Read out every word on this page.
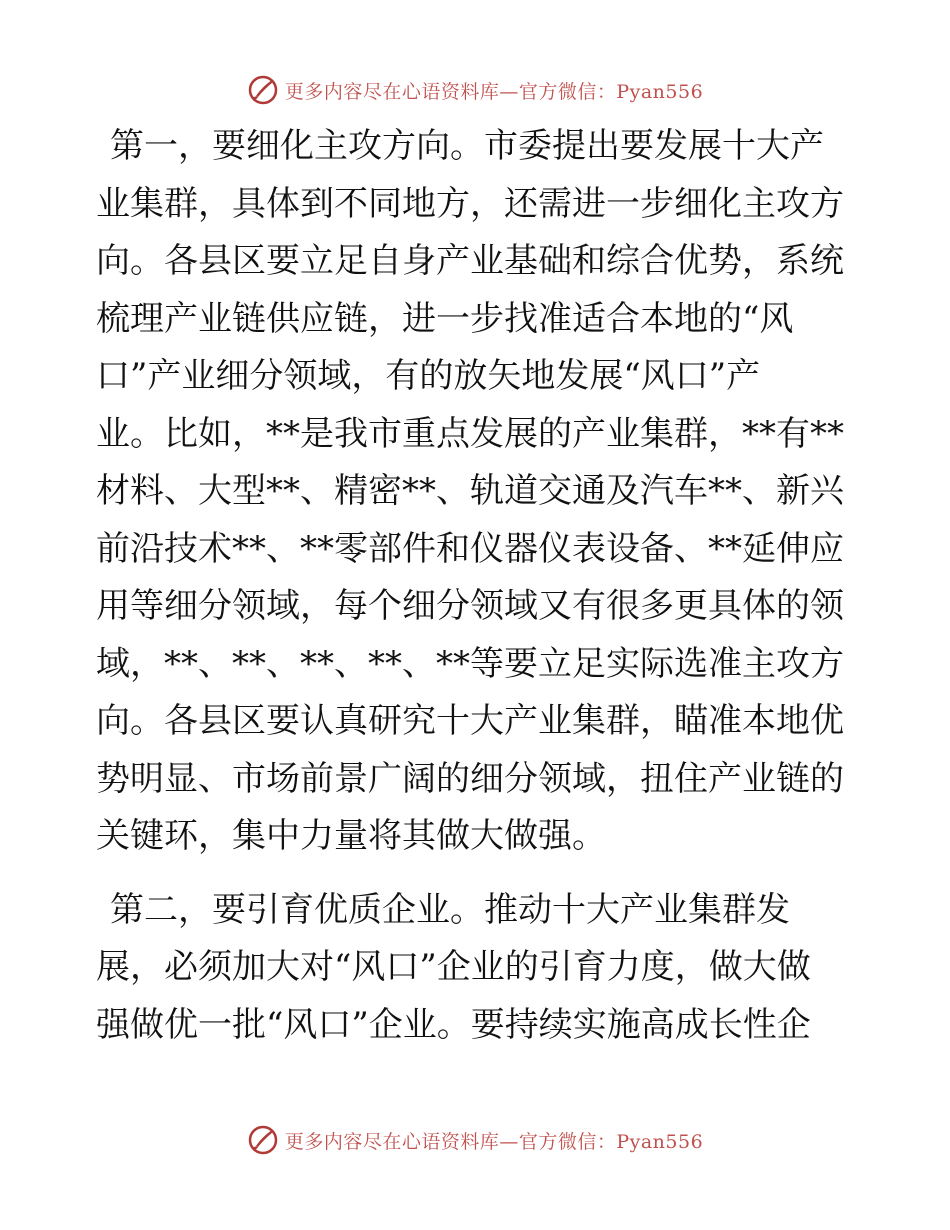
更多内容尽在心语资料库—官方微信：Pyan556
第一，要细化主攻方向。市委提出要发展十大产
业集群，具体到不同地方，还需进一步细化主攻方
向。各县区要立足自身产业基础和综合优势，系统
梳理产业链供应链，进一步找准适合本地的“风
口”产业细分领域，有的放矢地发展“风口”产
业。比如，**是我市重点发展的产业集群，**有**
材料、大型**、精密**、轨道交通及汽车**、新兴
前沿技术**、**零部件和仪器仪表设备、**延伸应
用等细分领域，每个细分领域又有很多更具体的领
域，**、**、**、**、**等要立足实际选准主攻方
向。各县区要认真研究十大产业集群，瞄准本地优
势明显、市场前景广阔的细分领域，扭住产业链的
关键环，集中力量将其做大做强。
第二，要引育优质企业。推动十大产业集群发
展，必须加大对“风口”企业的引育力度，做大做
强做优一批“风口”企业。要持续实施高成长性企
更多内容尽在心语资料库—官方微信：Pyan556
